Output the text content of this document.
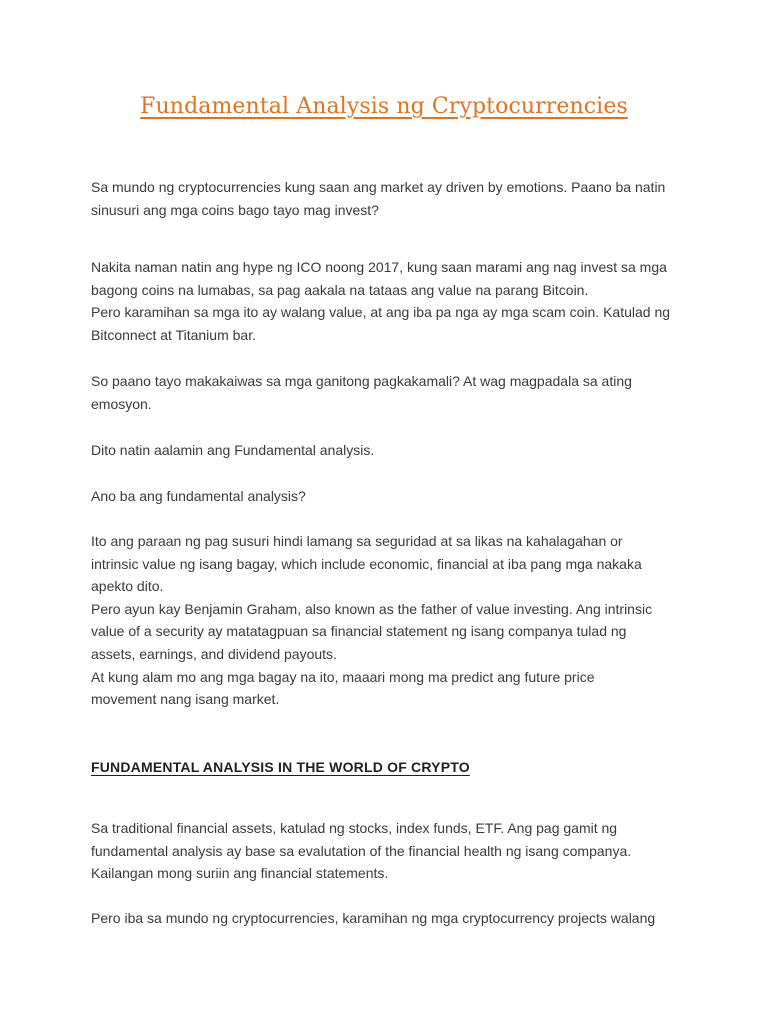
Fundamental Analysis ng Cryptocurrencies

Sa mundo ng cryptocurrencies kung saan ang market ay driven by emotions. Paano ba natin
sinusuri ang mga coins bago tayo mag invest?

Nakita naman natin ang hype ng ICO noong 2017, kung saan marami ang nag invest sa mga
bagong coins na lumabas, sa pag aakala na tataas ang value na parang Bitcoin.
Pero karamihan sa mga ito ay walang value, at ang iba pa nga ay mga scam coin. Katulad ng
Bitconnect at Titanium bar.

So paano tayo makakaiwas sa mga ganitong pagkakamali? At wag magpadala sa ating
emosyon.

Dito natin aalamin ang Fundamental analysis.

Ano ba ang fundamental analysis?

Ito ang paraan ng pag susuri hindi lamang sa seguridad at sa likas na kahalagahan or
intrinsic value ng isang bagay, which include economic, financial at iba pang mga nakaka
apekto dito.
Pero ayun kay Benjamin Graham, also known as the father of value investing. Ang intrinsic
value of a security ay matatagpuan sa financial statement ng isang companya tulad ng
assets, earnings, and dividend payouts.
At kung alam mo ang mga bagay na ito, maaari mong ma predict ang future price
movement nang isang market.

FUNDAMENTAL ANALYSIS IN THE WORLD OF CRYPTO

Sa traditional financial assets, katulad ng stocks, index funds, ETF. Ang pag gamit ng
fundamental analysis ay base sa evalutation of the financial health ng isang companya.
Kailangan mong suriin ang financial statements.

Pero iba sa mundo ng cryptocurrencies, karamihan ng mga cryptocurrency projects walang
